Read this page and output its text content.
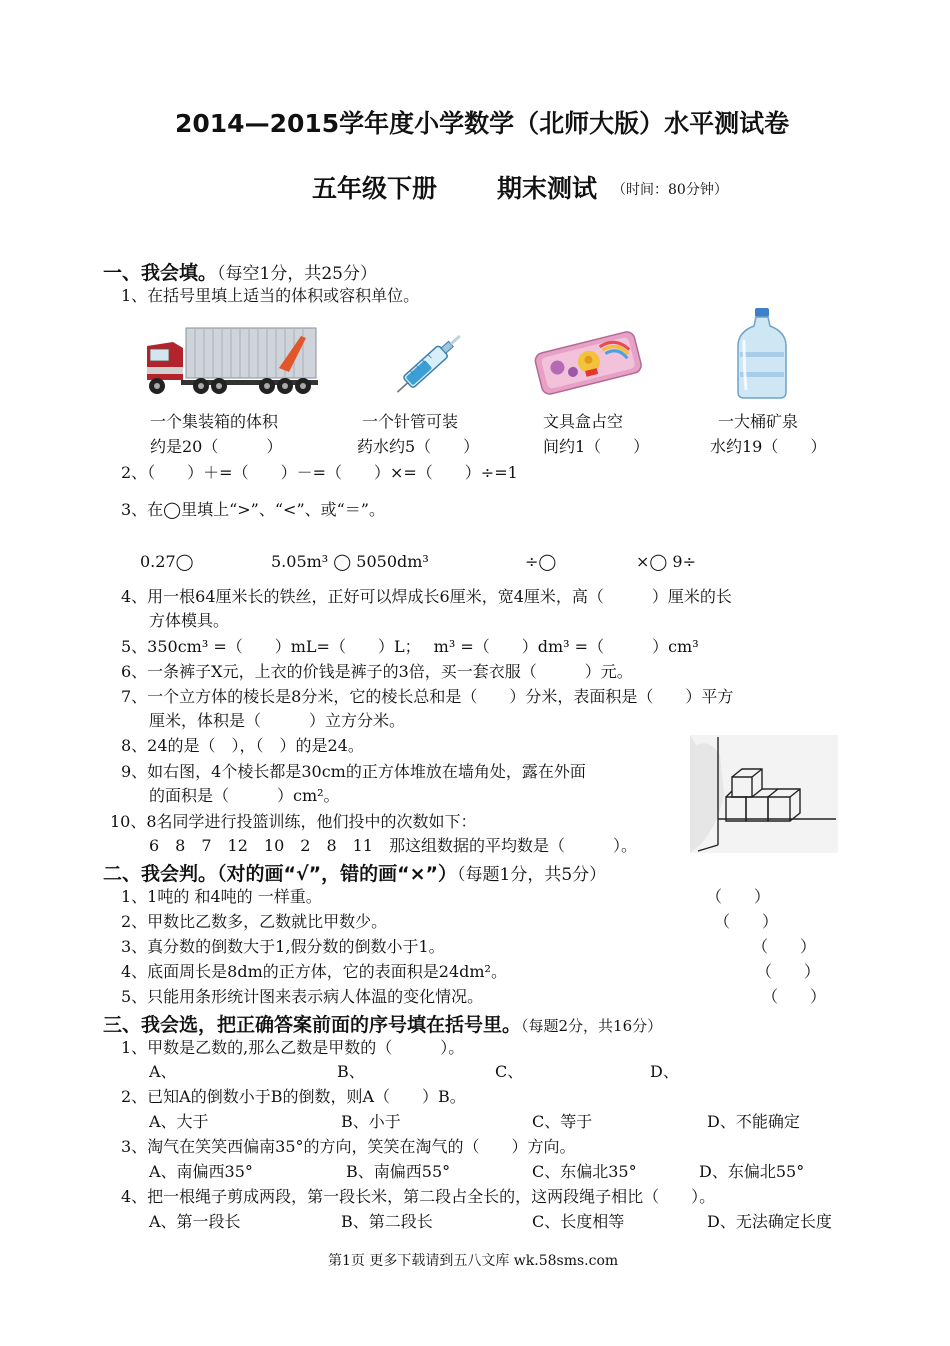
2014—2015学年度小学数学（北师大版）水平测试卷
五年级下册 期末测试 （时间：80分钟）
一、我会填。（每空1分，共25分）
1、在括号里填上适当的体积或容积单位。
一个集装箱的体积
约是20（　　　）
一个针管可装
药水约5（　　）
文具盒占空
间约1（　　）
一大桶矿泉
水约19（　　）
2、（　　）＋=（　　）－=（　　）×=（　　）÷=1
3、在◯里填上“>”、“<”、或“＝”。
0.27◯	5.05m³ ◯ 5050dm³	÷◯	×◯ 9÷
4、用一根64厘米长的铁丝，正好可以焊成长6厘米，宽4厘米，高（　　　）厘米的长
方体模具。
5、350cm³ =（　　）mL=（　　）L；　 m³ =（　　）dm³ =（　　　）cm³
6、一条裤子X元，上衣的价钱是裤子的3倍，买一套衣服（　　　）元。
7、一个立方体的棱长是8分米，它的棱长总和是（　　）分米，表面积是（　　）平方
厘米，体积是（　　　）立方分米。
8、24的是（　），（　）的是24。
9、如右图，4个棱长都是30cm的正方体堆放在墙角处，露在外面
的面积是（　　　）cm²。
10、8名同学进行投篮训练，他们投中的次数如下：
6　8　7　12　10　2　8　11　那这组数据的平均数是（　　　）。
二、我会判。（对的画“√”，错的画“×”）（每题1分，共5分）
1、1吨的 和4吨的 一样重。	（　　）
2、甲数比乙数多，乙数就比甲数少。	（　　）
3、真分数的倒数大于1,假分数的倒数小于1。	（　　）
4、底面周长是8dm的正方体，它的表面积是24dm²。	（　　）
5、只能用条形统计图来表示病人体温的变化情况。	（　　）
三、我会选，把正确答案前面的序号填在括号里。（每题2分，共16分）
1、甲数是乙数的,那么乙数是甲数的（　　　）。
A、	B、	C、	D、
2、已知A的倒数小于B的倒数，则A（　　）B。
A、大于	B、小于	C、等于	D、不能确定
3、淘气在笑笑西偏南35°的方向，笑笑在淘气的（　　）方向。
A、南偏西35°	B、南偏西55°	C、东偏北35°	D、东偏北55°
4、把一根绳子剪成两段，第一段长米，第二段占全长的，这两段绳子相比（　　）。
A、第一段长	B、第二段长	C、长度相等	D、无法确定长度
第1页 更多下载请到五八文库 wk.58sms.com
